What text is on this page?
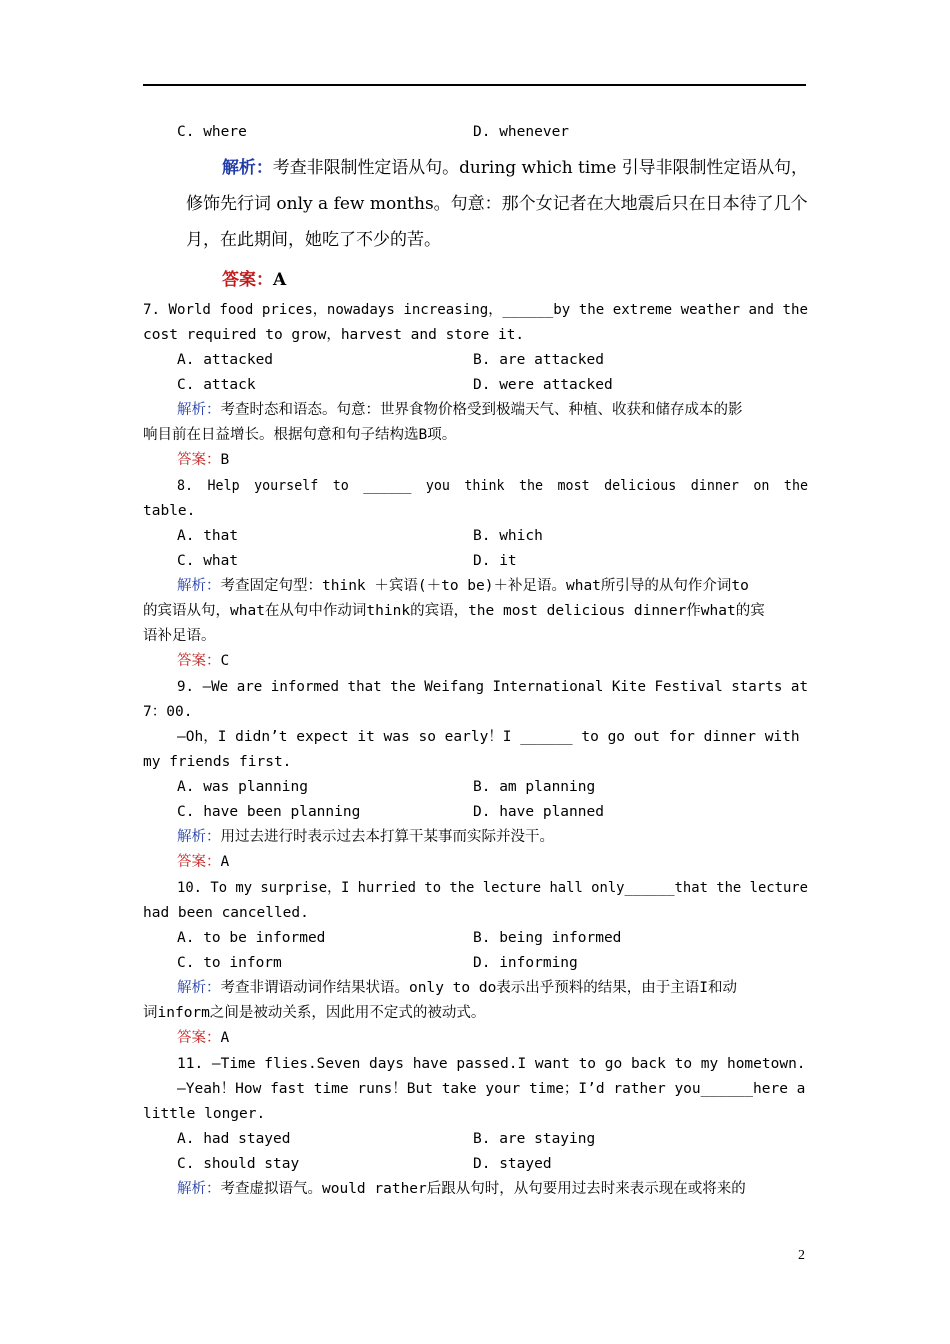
C. where	D. whenever
解析：考查非限制性定语从句。during which time 引导非限制性定语从句，
修饰先行词 only a few months。句意：那个女记者在大地震后只在日本待了几个
月，在此期间，她吃了不少的苦。
答案：A
7. World food prices，nowadays increasing，______by the extreme weather and the
cost required to grow，harvest and store it.
A. attacked	B. are attacked
C. attack	D. were attacked
解析：考查时态和语态。句意：世界食物价格受到极端天气、种植、收获和储存成本的影
响目前在日益增长。根据句意和句子结构选B项。
答案：B
8. Help yourself to ______ you think the most delicious dinner on the
table.
A. that	B. which
C. what	D. it
解析：考查固定句型：think ＋宾语(＋to be)＋补足语。what所引导的从句作介词to
的宾语从句，what在从句中作动词think的宾语，the most delicious dinner作what的宾
语补足语。
答案：C
9. —We are informed that the Weifang International Kite Festival starts at
7：00.
—Oh，I didn’t expect it was so early！I ______ to go out for dinner with
my friends first.
A. was planning	B. am planning
C. have been planning	D. have planned
解析：用过去进行时表示过去本打算干某事而实际并没干。
答案：A
10. To my surprise，I hurried to the lecture hall only______that the lecture
had been cancelled.
A. to be informed	B. being informed
C. to inform	D. informing
解析：考查非谓语动词作结果状语。only to do表示出乎预料的结果，由于主语I和动
词inform之间是被动关系，因此用不定式的被动式。
答案：A
11. —Time flies.Seven days have passed.I want to go back to my hometown.
—Yeah！How fast time runs！But take your time；I’d rather you______here a
little longer.
A. had stayed	B. are staying
C. should stay	D. stayed
解析：考查虚拟语气。would rather后跟从句时，从句要用过去时来表示现在或将来的
2
